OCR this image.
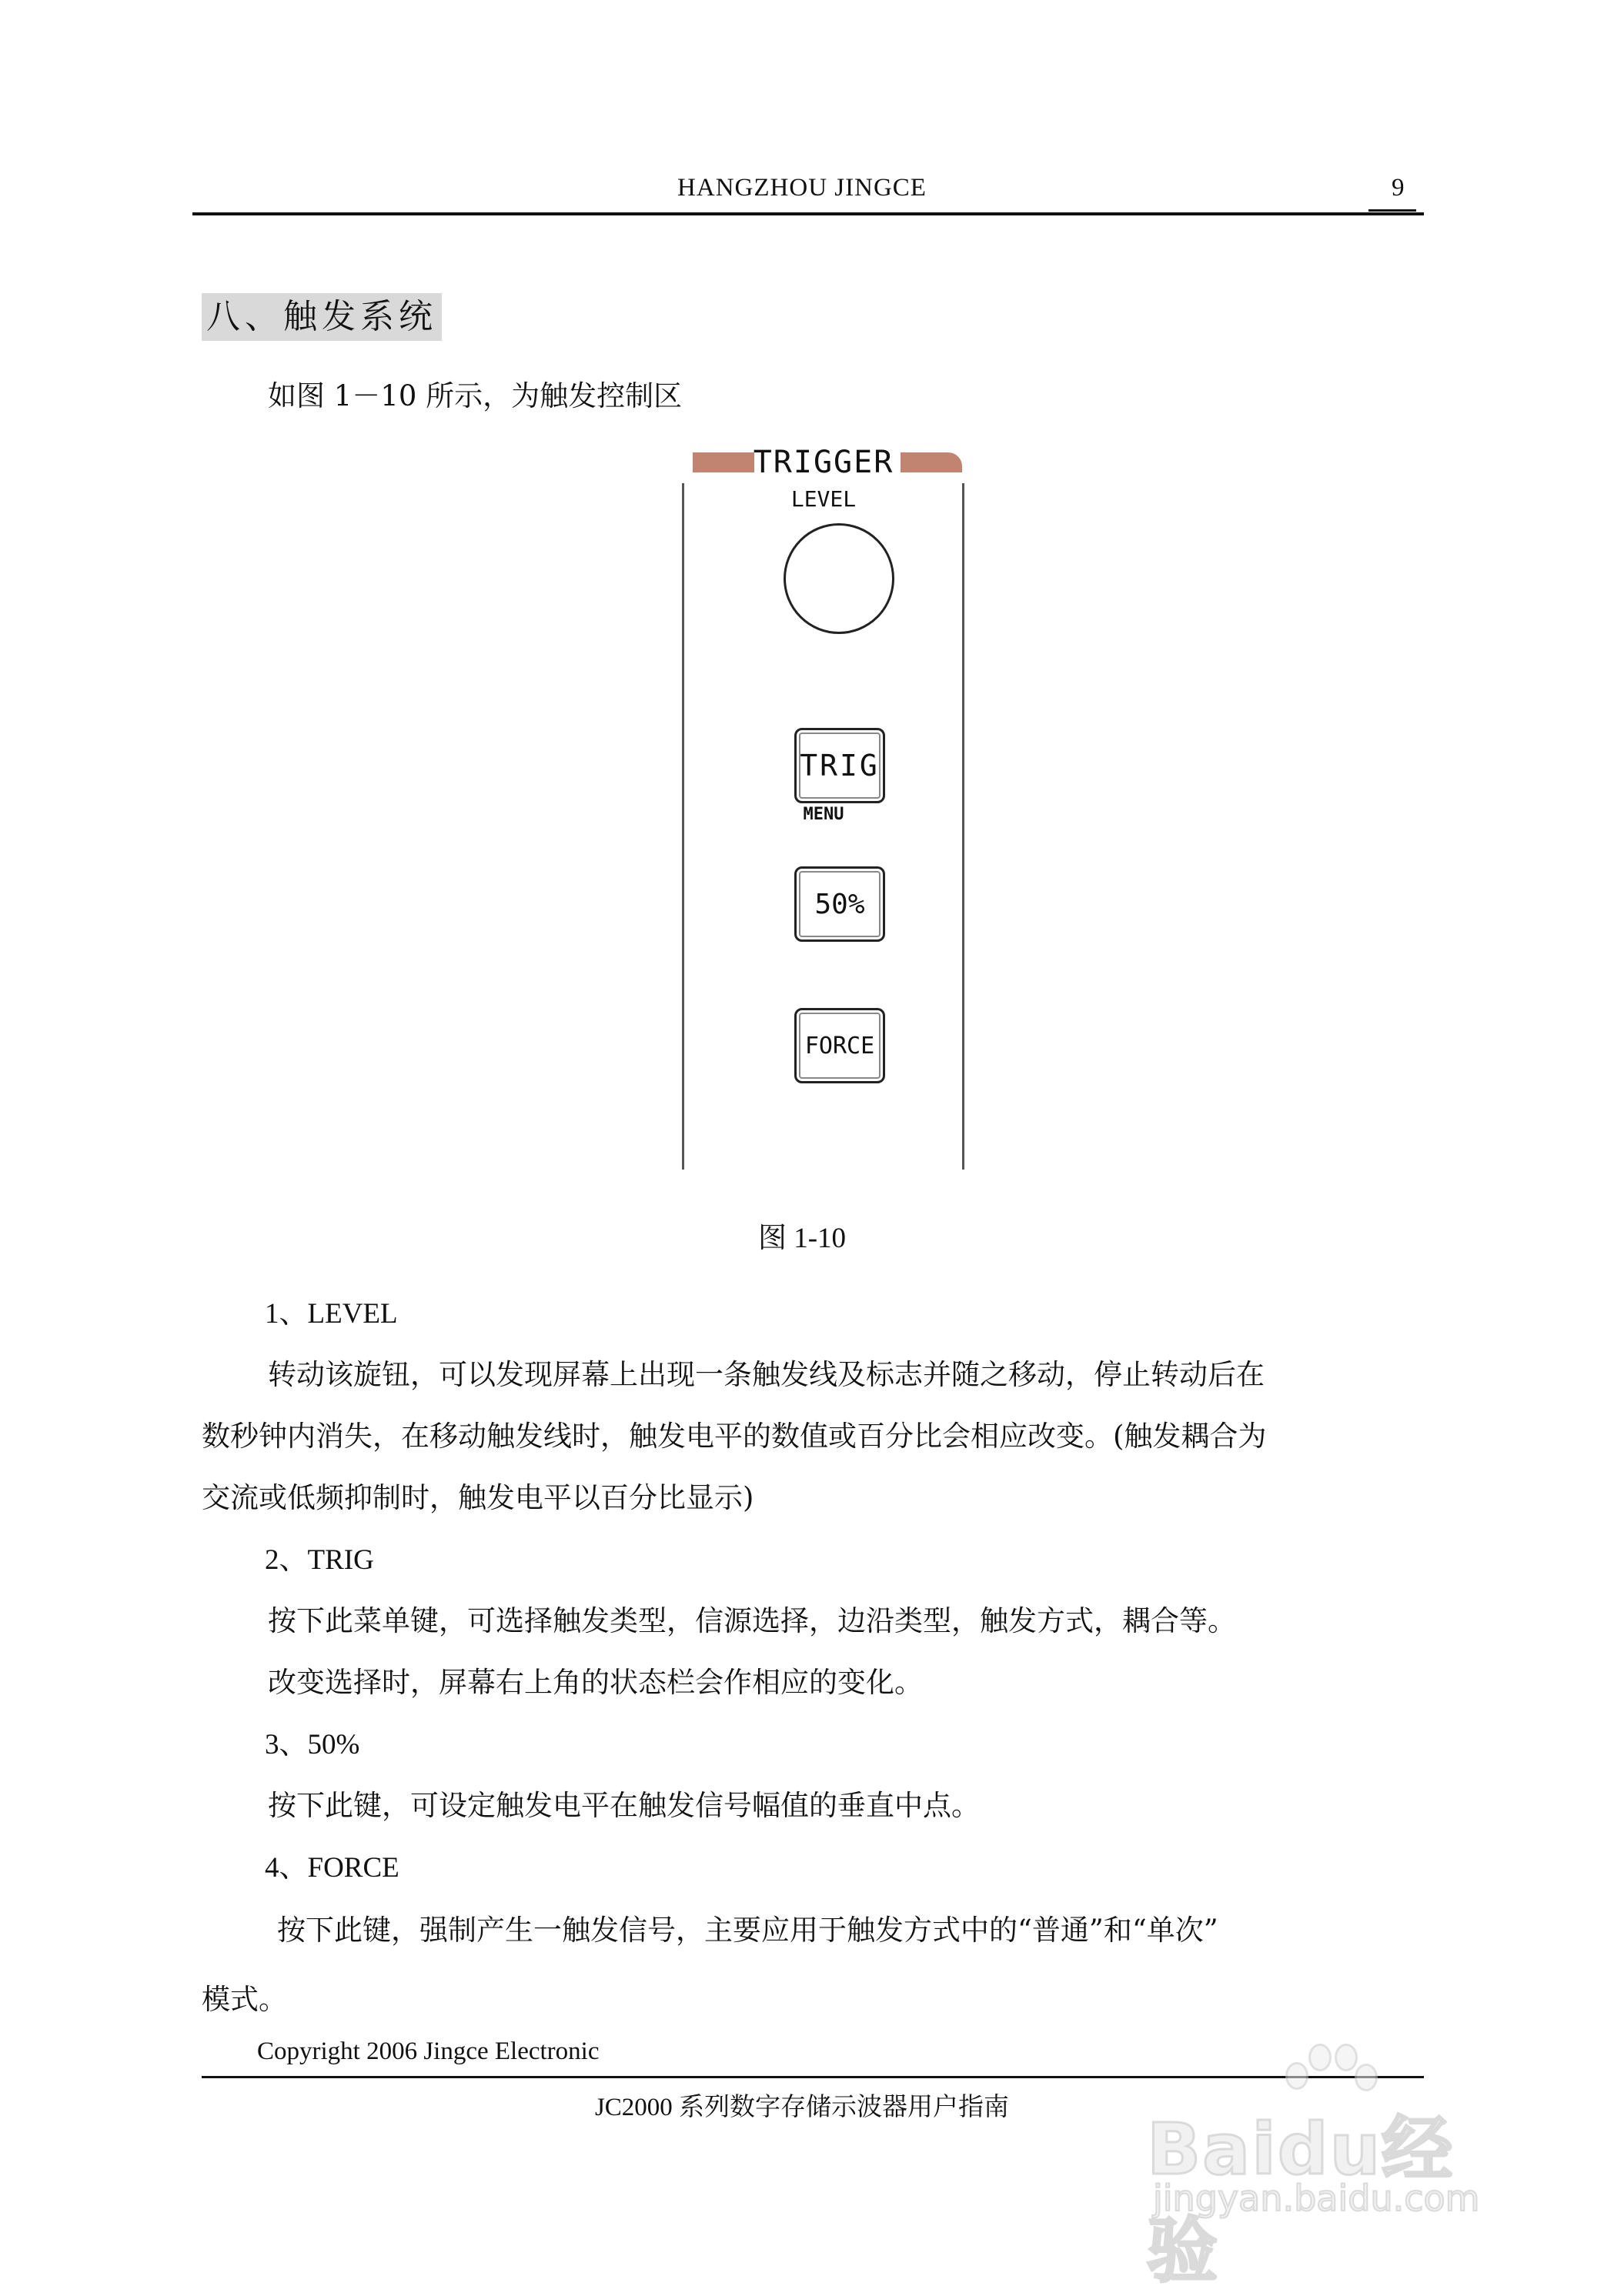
HANGZHOU JINGCE	9
八、触发系统
如图 1－10 所示，为触发控制区
TRIGGER
LEVEL
TRIG
MENU
50%
FORCE
图 1-10
1、LEVEL
转动该旋钮，可以发现屏幕上出现一条触发线及标志并随之移动，停止转动后在
数秒钟内消失，在移动触发线时，触发电平的数值或百分比会相应改变。(触发耦合为
交流或低频抑制时，触发电平以百分比显示)
2、TRIG
按下此菜单键，可选择触发类型，信源选择，边沿类型，触发方式，耦合等。
改变选择时，屏幕右上角的状态栏会作相应的变化。
3、50%
按下此键，可设定触发电平在触发信号幅值的垂直中点。
4、FORCE
按下此键，强制产生一触发信号，主要应用于触发方式中的“普通”和“单次”
模式。
Copyright 2006 Jingce Electronic
JC2000 系列数字存储示波器用户指南
Baidu经验
jingyan.baidu.com
